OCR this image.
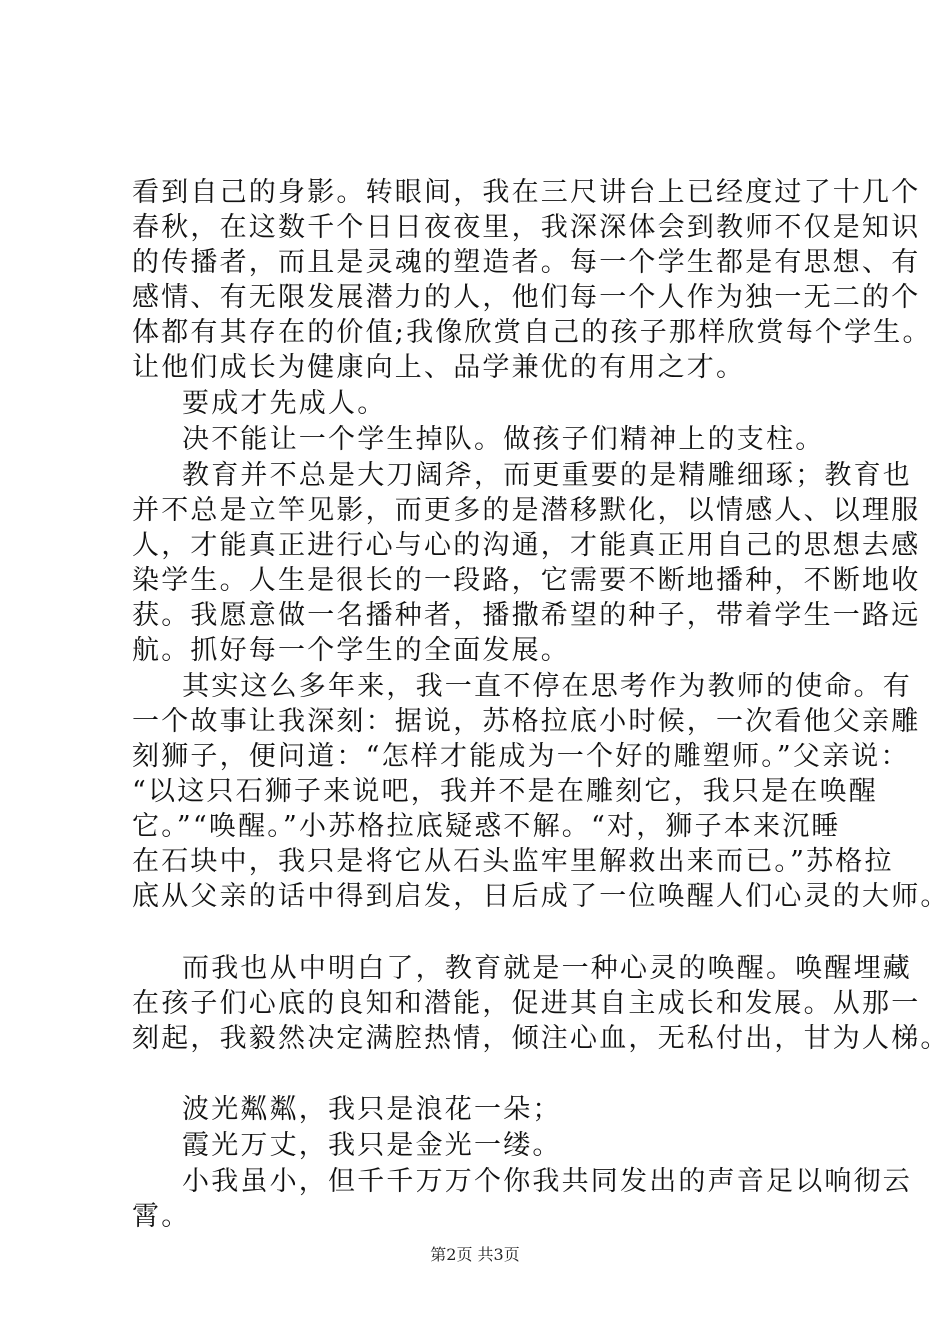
看到自己的身影。转眼间，我在三尺讲台上已经度过了十几个
春秋，在这数千个日日夜夜里，我深深体会到教师不仅是知识
的传播者，而且是灵魂的塑造者。每一个学生都是有思想、有
感情、有无限发展潜力的人，他们每一个人作为独一无二的个
体都有其存在的价值;我像欣赏自己的孩子那样欣赏每个学生。
让他们成长为健康向上、品学兼优的有用之才。
要成才先成人。
决不能让一个学生掉队。做孩子们精神上的支柱。
教育并不总是大刀阔斧，而更重要的是精雕细琢；教育也
并不总是立竿见影，而更多的是潜移默化，以情感人、以理服
人，才能真正进行心与心的沟通，才能真正用自己的思想去感
染学生。人生是很长的一段路，它需要不断地播种，不断地收
获。我愿意做一名播种者，播撒希望的种子，带着学生一路远
航。抓好每一个学生的全面发展。
其实这么多年来，我一直不停在思考作为教师的使命。有
一个故事让我深刻：据说，苏格拉底小时候，一次看他父亲雕
刻狮子，便问道：“怎样才能成为一个好的雕塑师。”父亲说：
“以这只石狮子来说吧，我并不是在雕刻它，我只是在唤醒
它。”“唤醒。”小苏格拉底疑惑不解。“对，狮子本来沉睡
在石块中，我只是将它从石头监牢里解救出来而已。”苏格拉
底从父亲的话中得到启发，日后成了一位唤醒人们心灵的大师。
而我也从中明白了，教育就是一种心灵的唤醒。唤醒埋藏
在孩子们心底的良知和潜能，促进其自主成长和发展。从那一
刻起，我毅然决定满腔热情，倾注心血，无私付出，甘为人梯。
波光粼粼，我只是浪花一朵；
霞光万丈，我只是金光一缕。
小我虽小，但千千万万个你我共同发出的声音足以响彻云
霄。
第2页 共3页
